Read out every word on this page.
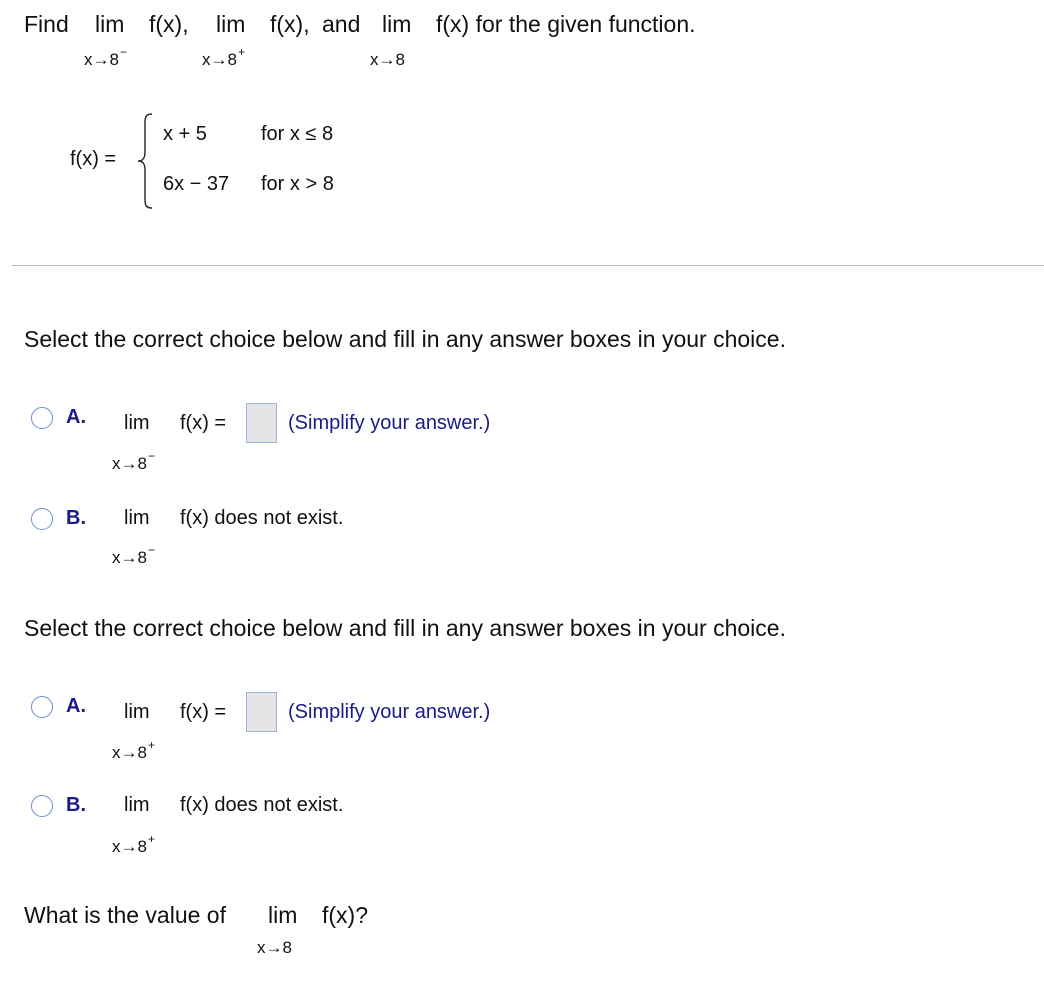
Find lim f(x), lim f(x), and lim f(x) for the given function.
x→8−	x→8+	x→8
f(x) =
x + 5	for x ≤ 8
6x − 37 for x > 8
Select the correct choice below and fill in any answer boxes in your choice.
A. lim f(x) =
x→8−
(Simplify your answer.)
B. lim f(x) does not exist.
x→8−
Select the correct choice below and fill in any answer boxes in your choice.
A. lim f(x) =
x→8+
(Simplify your answer.)
B. lim f(x) does not exist.
x→8+
What is the value of lim f(x)?
x→8
